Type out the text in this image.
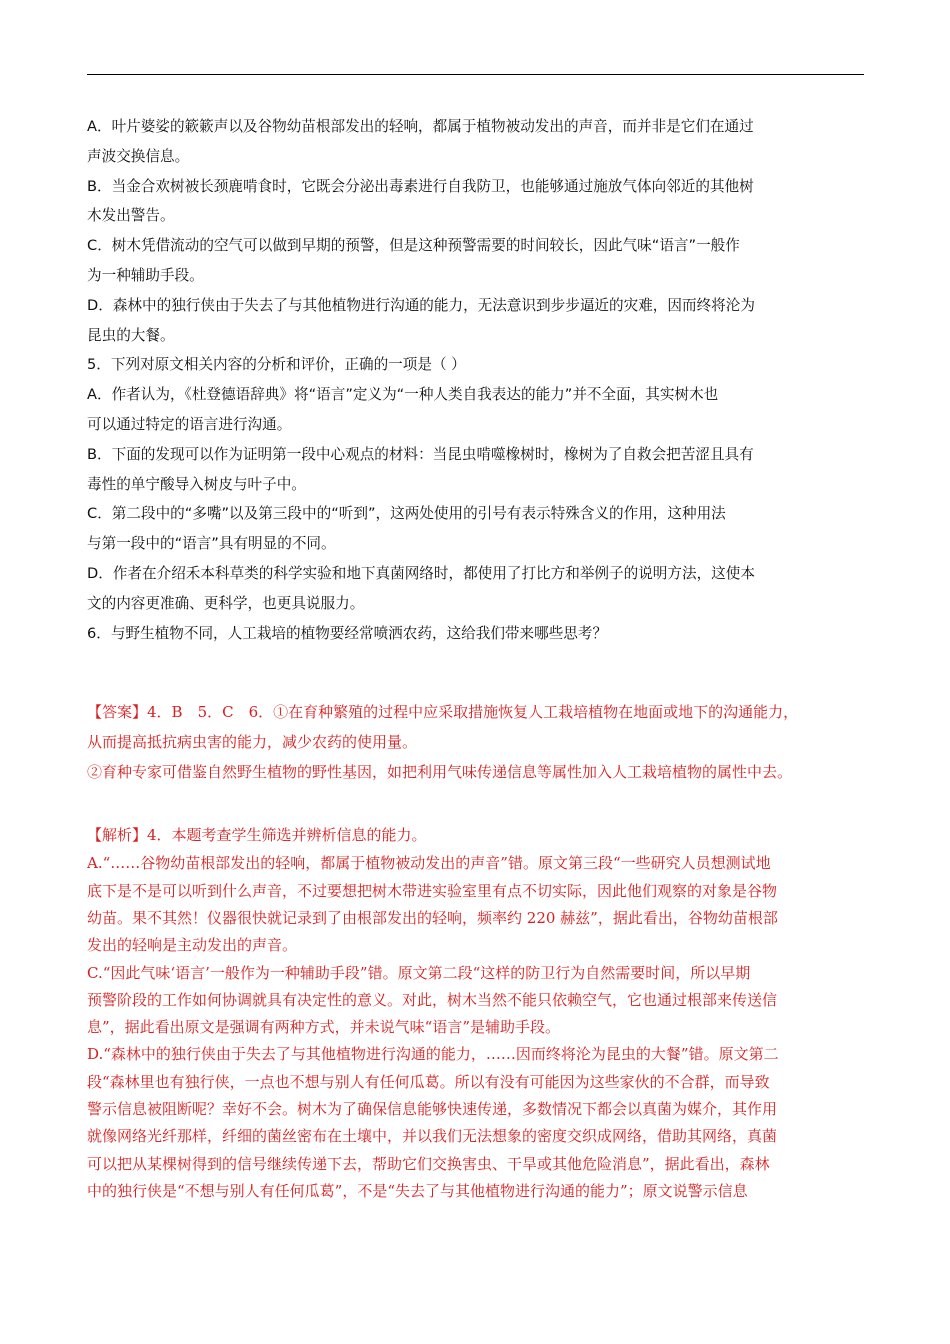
A．叶片婆娑的簌簌声以及谷物幼苗根部发出的轻响，都属于植物被动发出的声音，而并非是它们在通过

声波交换信息。

B．当金合欢树被长颈鹿啃食时，它既会分泌出毒素进行自我防卫，也能够通过施放气体向邻近的其他树

木发出警告。

C．树木凭借流动的空气可以做到早期的预警，但是这种预警需要的时间较长，因此气味“语言”一般作

为一种辅助手段。

D．森林中的独行侠由于失去了与其他植物进行沟通的能力，无法意识到步步逼近的灾难，因而终将沦为

昆虫的大餐。

5．下列对原文相关内容的分析和评价，正确的一项是（ ）

A．作者认为，《杜登德语辞典》将“语言”定义为“一种人类自我表达的能力”并不全面，其实树木也

可以通过特定的语言进行沟通。

B．下面的发现可以作为证明第一段中心观点的材料：当昆虫啃噬橡树时，橡树为了自救会把苦涩且具有

毒性的单宁酸导入树皮与叶子中。

C．第二段中的“多嘴”以及第三段中的“听到”，这两处使用的引号有表示特殊含义的作用，这种用法

与第一段中的“语言”具有明显的不同。

D．作者在介绍禾本科草类的科学实验和地下真菌网络时，都使用了打比方和举例子的说明方法，这使本

文的内容更准确、更科学，也更具说服力。

6．与野生植物不同，人工栽培的植物要经常喷洒农药，这给我们带来哪些思考？

【答案】4．B　5．C　6．①在育种繁殖的过程中应采取措施恢复人工栽培植物在地面或地下的沟通能力，

从而提高抵抗病虫害的能力，减少农药的使用量。

②育种专家可借鉴自然野生植物的野性基因，如把利用气味传递信息等属性加入人工栽培植物的属性中去。

【解析】4．本题考查学生筛选并辨析信息的能力。

A.“……谷物幼苗根部发出的轻响，都属于植物被动发出的声音”错。原文第三段“一些研究人员想测试地

底下是不是可以听到什么声音，不过要想把树木带进实验室里有点不切实际，因此他们观察的对象是谷物

幼苗。果不其然！仪器很快就记录到了由根部发出的轻响，频率约 220 赫兹”，据此看出，谷物幼苗根部

发出的轻响是主动发出的声音。

C.“因此气味‘语言’一般作为一种辅助手段”错。原文第二段“这样的防卫行为自然需要时间，所以早期

预警阶段的工作如何协调就具有决定性的意义。对此，树木当然不能只依赖空气，它也通过根部来传送信

息”，据此看出原文是强调有两种方式，并未说气味“语言”是辅助手段。

D.“森林中的独行侠由于失去了与其他植物进行沟通的能力，……因而终将沦为昆虫的大餐”错。原文第二

段“森林里也有独行侠，一点也不想与别人有任何瓜葛。所以有没有可能因为这些家伙的不合群，而导致

警示信息被阻断呢？幸好不会。树木为了确保信息能够快速传递，多数情况下都会以真菌为媒介，其作用

就像网络光纤那样，纤细的菌丝密布在土壤中，并以我们无法想象的密度交织成网络，借助其网络，真菌

可以把从某棵树得到的信号继续传递下去，帮助它们交换害虫、干旱或其他危险消息”，据此看出，森林

中的独行侠是“不想与别人有任何瓜葛”，不是“失去了与其他植物进行沟通的能力”；原文说警示信息
